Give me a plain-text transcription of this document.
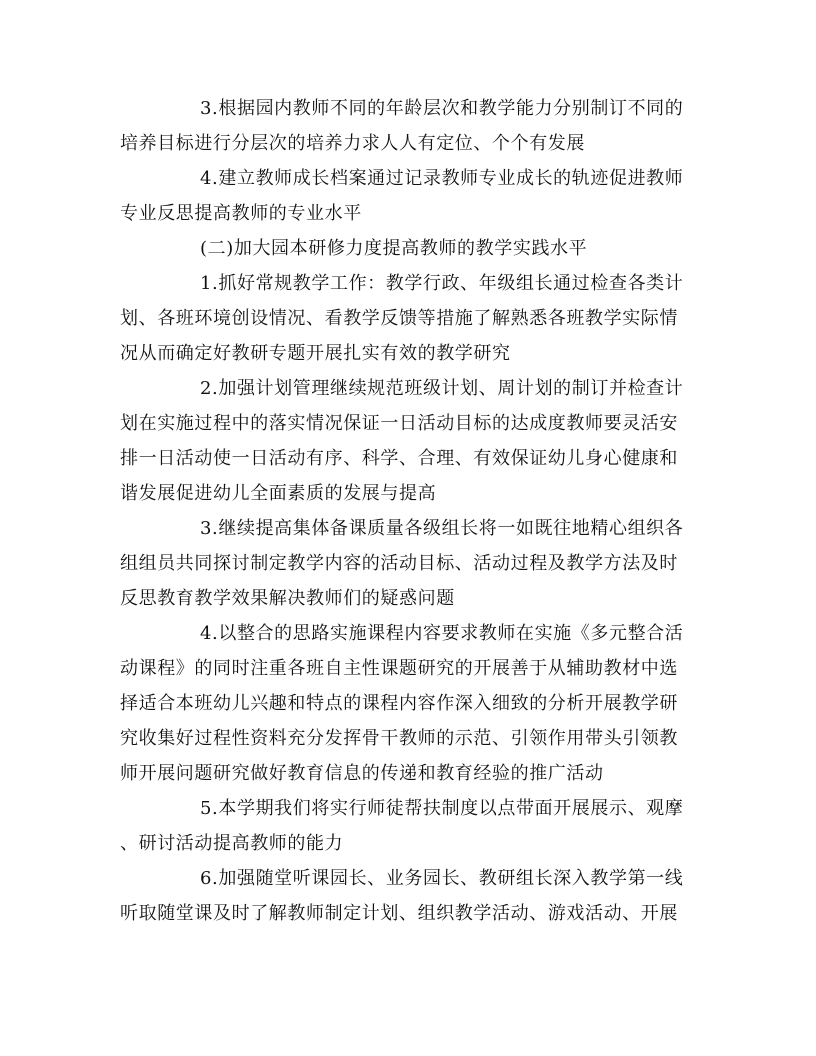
3.根据园内教师不同的年龄层次和教学能力分别制订不同的
培养目标进行分层次的培养力求人人有定位、个个有发展
4.建立教师成长档案通过记录教师专业成长的轨迹促进教师
专业反思提高教师的专业水平
(二)加大园本研修力度提高教师的教学实践水平
1.抓好常规教学工作：教学行政、年级组长通过检查各类计
划、各班环境创设情况、看教学反馈等措施了解熟悉各班教学实际情
况从而确定好教研专题开展扎实有效的教学研究
2.加强计划管理继续规范班级计划、周计划的制订并检查计
划在实施过程中的落实情况保证一日活动目标的达成度教师要灵活安
排一日活动使一日活动有序、科学、合理、有效保证幼儿身心健康和
谐发展促进幼儿全面素质的发展与提高
3.继续提高集体备课质量各级组长将一如既往地精心组织各
组组员共同探讨制定教学内容的活动目标、活动过程及教学方法及时
反思教育教学效果解决教师们的疑惑问题
4.以整合的思路实施课程内容要求教师在实施《多元整合活
动课程》的同时注重各班自主性课题研究的开展善于从辅助教材中选
择适合本班幼儿兴趣和特点的课程内容作深入细致的分析开展教学研
究收集好过程性资料充分发挥骨干教师的示范、引领作用带头引领教
师开展问题研究做好教育信息的传递和教育经验的推广活动
5.本学期我们将实行师徒帮扶制度以点带面开展展示、观摩
、研讨活动提高教师的能力
6.加强随堂听课园长、业务园长、教研组长深入教学第一线
听取随堂课及时了解教师制定计划、组织教学活动、游戏活动、开展
